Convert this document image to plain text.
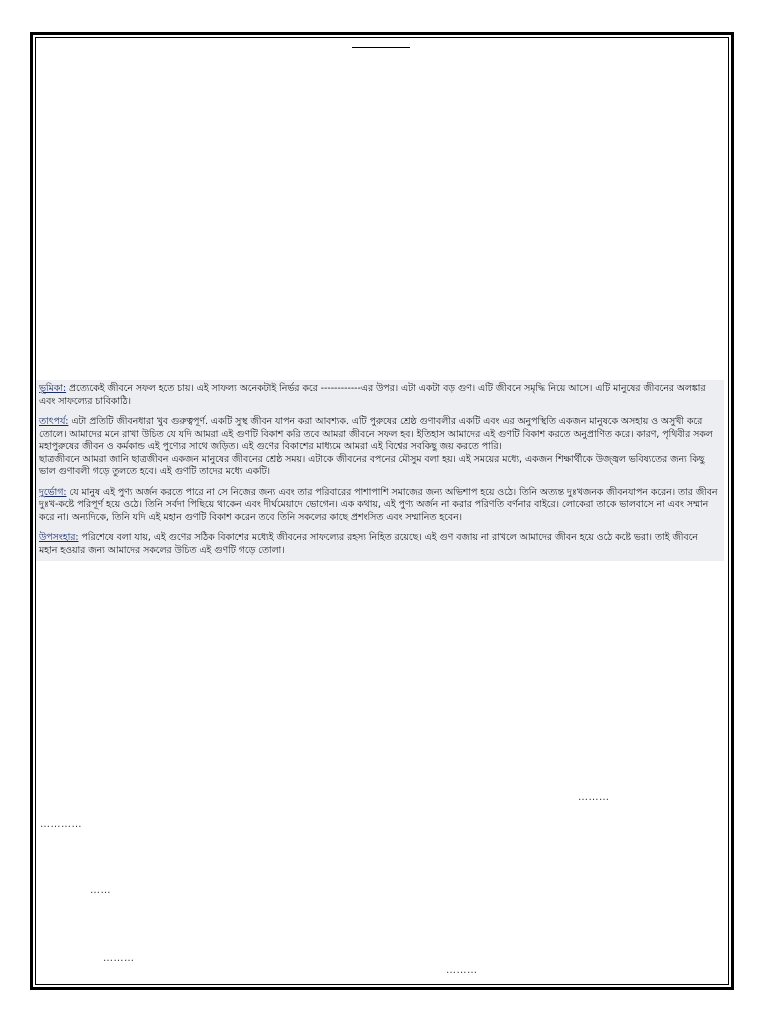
ভূমিকা: প্রত্যেকেই জীবনে সফল হতে চায়। এই সাফল্য অনেকটাই নির্ভর করে ------------এর উপর। এটা একটা বড় গুণ। এটি জীবনে সমৃদ্ধি নিয়ে আসে। এটি মানুষের জীবনের অলঙ্কার এবং সাফল্যের চাবিকাঠি।

তাৎপর্য: এটা প্রতিটি জীবনধারা খুব গুরুত্বপূর্ণ. একটি সুস্থ জীবন যাপন করা আবশ্যক. এটি পুরুষের শ্রেষ্ঠ গুণাবলীর একটি এবং এর অনুপস্থিতি একজন মানুষকে অসহায় ও অসুখী করে তোলে। আমাদের মনে রাখা উচিত যে যদি আমরা এই গুণটি বিকাশ করি তবে আমরা জীবনে সফল হব। ইতিহাস আমাদের এই গুণটি বিকাশ করতে অনুপ্রাণিত করে। কারণ, পৃথিবীর সকল মহাপুরুষের জীবন ও কর্মকান্ড এই পুণ্যের সাথে জড়িত। এই গুণের বিকাশের মাধ্যমে আমরা এই বিশ্বের সবকিছু জয় করতে পারি।

ছাত্রজীবনে আমরা জানি ছাত্রজীবন একজন মানুষের জীবনের শ্রেষ্ঠ সময়। এটাকে জীবনের বপনের মৌসুম বলা হয়। এই সময়ের মধ্যে, একজন শিক্ষার্থীকে উজ্জ্বল ভবিষ্যতের জন্য কিছু ভাল গুণাবলী গড়ে তুলতে হবে। এই গুণটি তাদের মধ্যে একটি।

দুর্ভোগ: যে মানুষ এই পুণ্য অর্জন করতে পারে না সে নিজের জন্য এবং তার পরিবারের পাশাপাশি সমাজের জন্য অভিশাপ হয়ে ওঠে। তিনি অত্যন্ত দুঃখজনক জীবনযাপন করেন। তার জীবন দুঃখ-কষ্টে পরিপূর্ণ হয়ে ওঠে। তিনি সর্বদা পিছিয়ে থাকেন এবং দীর্ঘমেয়াদে ভোগেন। এক কথায়, এই পুণ্য অর্জন না করার পরিণতি বর্ণনার বাইরে। লোকেরা তাকে ভালবাসে না এবং সম্মান করে না। অন্যদিকে, তিনি যদি এই মহান গুণটি বিকাশ করেন তবে তিনি সকলের কাছে প্রশংসিত এবং সম্মানিত হবেন।

উপসংহার: পরিশেষে বলা যায়, এই গুণের সঠিক বিকাশের মধ্যেই জীবনের সাফল্যের রহস্য নিহিত রয়েছে। এই গুণ বজায় না রাখলে আমাদের জীবন হয়ে ওঠে কষ্টে ভরা। তাই জীবনে মহান হওয়ার জন্য আমাদের সকলের উচিত এই গুণটি গড়ে তোলা।

………
…………
……
………
………
